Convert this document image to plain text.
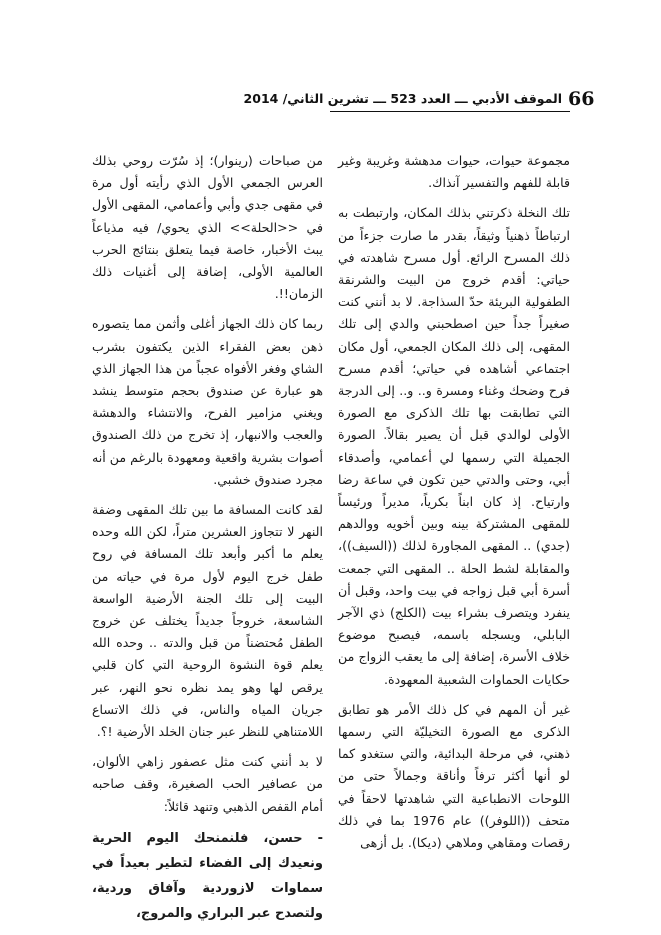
66
الموقف الأدبي ـــ العدد 523 ـــ تشرين الثاني/ 2014

مجموعة حيوات، حيوات مدهشة وغريبة وغير قابلة للفهم والتفسير آنذاك.

تلك النخلة ذكرتني بذلك المكان، وارتبطت به ارتباطاً ذهنياً وثيقاً، بقدر ما صارت جزءاً من ذلك المسرح الرائع. أول مسرح شاهدته في حياتي: أقدم خروج من البيت والشرنقة الطفولية البريئة حدّ السذاجة. لا بد أنني كنت صغيراً جداً حين اصطحبني والدي إلى تلك المقهى، إلى ذلك المكان الجمعي، أول مكان اجتماعي أشاهده في حياتي؛ أقدم مسرح فرح وضحك وغناء ومسرة و.. و.. إلى الدرجة التي تطابقت بها تلك الذكرى مع الصورة الأولى لوالدي قبل أن يصير بقالاً. الصورة الجميلة التي رسمها لي أعمامي، وأصدقاء أبي، وحتى والدتي حين تكون في ساعة رضا وارتياح. إذ كان ابناً بكرياً، مديراً ورئيساً للمقهى المشتركة بينه وبين أخويه ووالدهم (جدي) .. المقهى المجاورة لذلك ((السيف))، والمقابلة لشط الحلة .. المقهى التي جمعت أسرة أبي قبل زواجه في بيت واحد، وقبل أن ينفرد ويتصرف بشراء بيت (الكلج) ذي الآجر البابلي، ويسجله باسمه، فيصبح موضوع خلاف الأسرة، إضافة إلى ما يعقب الزواج من حكايات الحماوات الشعبية المعهودة.

غير أن المهم في كل ذلك الأمر هو تطابق الذكرى مع الصورة التخيليّة التي رسمها ذهني، في مرحلة البدائية، والتي ستغدو كما لو أنها أكثر ترفاً وأناقة وجمالاً حتى من اللوحات الانطباعية التي شاهدتها لاحقاً في متحف ((اللوفر)) عام 1976 بما في ذلك رقصات ومقاهي وملاهي (ديكا). بل أزهى

من صباحات (رينوار)؛ إذ سُرّت روحي بذلك العرس الجمعي الأول الذي رأيته أول مرة في مقهى جدي وأبي وأعمامي، المقهى الأول في <<الحلة>> الذي يحوي/ فيه مذياعاً يبث الأخبار، خاصة فيما يتعلق بنتائج الحرب العالمية الأولى، إضافة إلى أغنيات ذلك الزمان!!.

ربما كان ذلك الجهاز أغلى وأثمن مما يتصوره ذهن بعض الفقراء الذين يكتفون بشرب الشاي وفغر الأفواه عجباً من هذا الجهاز الذي هو عبارة عن صندوق بحجم متوسط ينشد ويغني مزامير الفرح، والانتشاء والدهشة والعجب والانبهار، إذ تخرج من ذلك الصندوق أصوات بشرية واقعية ومعهودة بالرغم من أنه مجرد صندوق خشبي.

لقد كانت المسافة ما بين تلك المقهى وضفة النهر لا تتجاوز العشرين متراً، لكن الله وحده يعلم ما أكبر وأبعد تلك المسافة في روح طفل خرج اليوم لأول مرة في حياته من البيت إلى تلك الجنة الأرضية الواسعة الشاسعة، خروجاً جديداً يختلف عن خروج الطفل مُحتضناً من قبل والدته .. وحده الله يعلم قوة النشوة الروحية التي كان قلبي يرقص لها وهو يمد نظره نحو النهر، عبر جريان المياه والناس، في ذلك الاتساع اللامتناهي للنظر عبر جنان الخلد الأرضية !؟.

لا بد أنني كنت مثل عصفور زاهي الألوان، من عصافير الحب الصغيرة، وقف صاحبه أمام القفص الذهبي وتنهد قائلاً:

- حسن، فلنمنحك اليوم الحرية ونعيدك إلى الفضاء لتطير بعيداً في سماوات لازوردية وآفاق وردية، ولتصدح عبر البراري والمروج،
